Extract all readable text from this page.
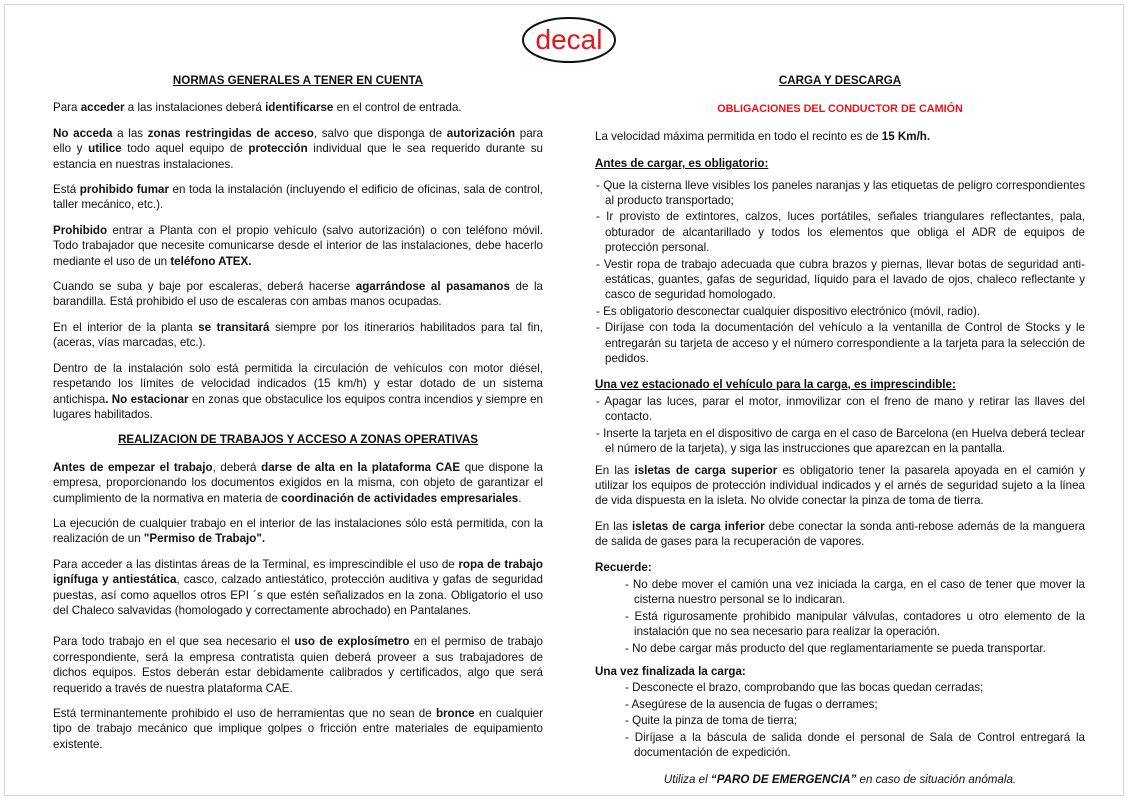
decal
NORMAS GENERALES A TENER EN CUENTA

Para acceder a las instalaciones deberá identificarse en el control de entrada.

No acceda a las zonas restringidas de acceso, salvo que disponga de autorización para ello y utilice todo aquel equipo de protección individual que le sea requerido durante su estancia en nuestras instalaciones.

Está prohibido fumar en toda la instalación (incluyendo el edificio de oficinas, sala de control, taller mecánico, etc.).

Prohibido entrar a Planta con el propio vehículo (salvo autorización) o con teléfono móvil. Todo trabajador que necesite comunicarse desde el interior de las instalaciones, debe hacerlo mediante el uso de un teléfono ATEX.

Cuando se suba y baje por escaleras, deberá hacerse agarrándose al pasamanos de la barandilla. Está prohibido el uso de escaleras con ambas manos ocupadas.

En el interior de la planta se transitará siempre por los itinerarios habilitados para tal fin, (aceras, vías marcadas, etc.).

Dentro de la instalación solo está permitida la circulación de vehículos con motor diésel, respetando los límites de velocidad indicados (15 km/h) y estar dotado de un sistema antichispa. No estacionar en zonas que obstaculice los equipos contra incendios y siempre en lugares habilitados.

REALIZACION DE TRABAJOS Y ACCESO A ZONAS OPERATIVAS

Antes de empezar el trabajo, deberá darse de alta en la plataforma CAE que dispone la empresa, proporcionando los documentos exigidos en la misma, con objeto de garantizar el cumplimiento de la normativa en materia de coordinación de actividades empresariales.

La ejecución de cualquier trabajo en el interior de las instalaciones sólo está permitida, con la realización de un "Permiso de Trabajo".

Para acceder a las distintas áreas de la Terminal, es imprescindible el uso de ropa de trabajo ignífuga y antiestática, casco, calzado antiestático, protección auditiva y gafas de seguridad puestas, así como aquellos otros EPI ´s que estén señalizados en la zona. Obligatorio el uso del Chaleco salvavidas (homologado y correctamente abrochado) en Pantalanes.

Para todo trabajo en el que sea necesario el uso de explosímetro en el permiso de trabajo correspondiente, será la empresa contratista quien deberá proveer a sus trabajadores de dichos equipos. Estos deberán estar debidamente calibrados y certificados, algo que será requerido a través de nuestra plataforma CAE.

Está terminantemente prohibido el uso de herramientas que no sean de bronce en cualquier tipo de trabajo mecánico que implique golpes o fricción entre materiales de equipamiento existente.

CARGA Y DESCARGA
OBLIGACIONES DEL CONDUCTOR DE CAMIÓN

La velocidad máxima permitida en todo el recinto es de 15 Km/h.

Antes de cargar, es obligatorio:
- Que la cisterna lleve visibles los paneles naranjas y las etiquetas de peligro correspondientes al producto transportado;
- Ir provisto de extintores, calzos, luces portátiles, señales triangulares reflectantes, pala, obturador de alcantarillado y todos los elementos que obliga el ADR de equipos de protección personal.
- Vestir ropa de trabajo adecuada que cubra brazos y piernas, llevar botas de seguridad anti-estáticas, guantes, gafas de seguridad, líquido para el lavado de ojos, chaleco reflectante y casco de seguridad homologado.
- Es obligatorio desconectar cualquier dispositivo electrónico (móvil, radio).
- Diríjase con toda la documentación del vehículo a la ventanilla de Control de Stocks y le entregarán su tarjeta de acceso y el número correspondiente a la tarjeta para la selección de pedidos.
Una vez estacionado el vehículo para la carga, es imprescindible:
- Apagar las luces, parar el motor, inmovilizar con el freno de mano y retirar las llaves del contacto.
- Inserte la tarjeta en el dispositivo de carga en el caso de Barcelona (en Huelva deberá teclear el número de la tarjeta), y siga las instrucciones que aparezcan en la pantalla.

En las isletas de carga superior es obligatorio tener la pasarela apoyada en el camión y utilizar los equipos de protección individual indicados y el arnés de seguridad sujeto a la línea de vida dispuesta en la isleta. No olvide conectar la pinza de toma de tierra.

En las isletas de carga inferior debe conectar la sonda anti-rebose además de la manguera de salida de gases para la recuperación de vapores.

Recuerde:
- No debe mover el camión una vez iniciada la carga, en el caso de tener que mover la cisterna nuestro personal se lo indicaran.
- Está rigurosamente prohibido manipular válvulas, contadores u otro elemento de la instalación que no sea necesario para realizar la operación.
- No debe cargar más producto del que reglamentariamente se pueda transportar.
Una vez finalizada la carga:
- Desconecte el brazo, comprobando que las bocas quedan cerradas;
- Asegúrese de la ausencia de fugas o derrames;
- Quite la pinza de toma de tierra;
- Diríjase a la báscula de salida donde el personal de Sala de Control entregará la documentación de expedición.
Utiliza el “PARO DE EMERGENCIA” en caso de situación anómala.
